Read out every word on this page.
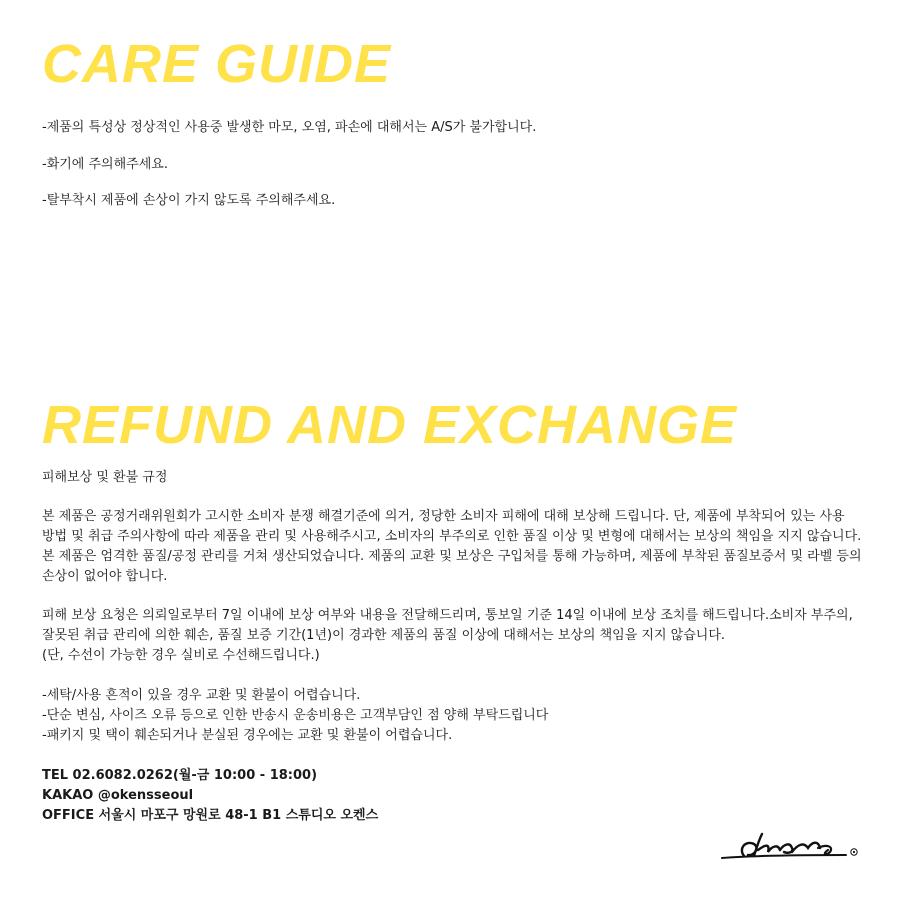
CARE GUIDE

-제품의 특성상 정상적인 사용중 발생한 마모, 오염, 파손에 대해서는 A/S가 불가합니다.

-화기에 주의해주세요.

-탈부착시 제품에 손상이 가지 않도록 주의해주세요.

REFUND AND EXCHANGE

피해보상 및 환불 규정

본 제품은 공정거래위원회가 고시한 소비자 분쟁 해결기준에 의거, 정당한 소비자 피해에 대해 보상해 드립니다. 단, 제품에 부착되어 있는 사용 방법 및 취급 주의사항에 따라 제품을 관리 및 사용해주시고, 소비자의 부주의로 인한 품질 이상 및 변형에 대해서는 보상의 책임을 지지 않습니다. 본 제품은 엄격한 품질/공정 관리를 거쳐 생산되었습니다. 제품의 교환 및 보상은 구입처를 통해 가능하며, 제품에 부착된 품질보증서 및 라벨 등의 손상이 없어야 합니다.

피해 보상 요청은 의뢰일로부터 7일 이내에 보상 여부와 내용을 전달해드리며, 통보일 기준 14일 이내에 보상 조치를 해드립니다.소비자 부주의, 잘못된 취급 관리에 의한 훼손, 품질 보증 기간(1년)이 경과한 제품의 품질 이상에 대해서는 보상의 책임을 지지 않습니다.

(단, 수선이 가능한 경우 실비로 수선해드립니다.)

-세탁/사용 흔적이 있을 경우 교환 및 환불이 어렵습니다.

-단순 변심, 사이즈 오류 등으로 인한 반송시 운송비용은 고객부담인 점 양해 부탁드립니다

-패키지 및 택이 훼손되거나 분실된 경우에는 교환 및 환불이 어렵습니다.

TEL 02.6082.0262(월-금 10:00 - 18:00)

KAKAO @okensseoul

OFFICE 서울시 마포구 망원로 48-1 B1 스튜디오 오켄스
